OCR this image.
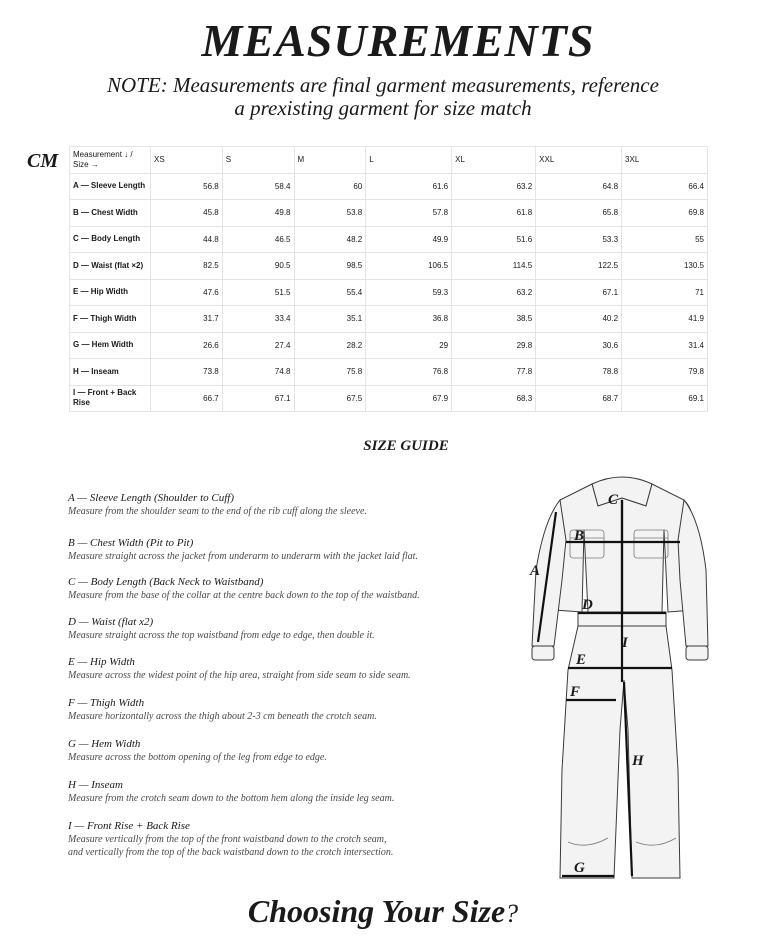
MEASUREMENTS
NOTE: Measurements are final garment measurements, reference
a prexisting garment for size match
CM Measurement ↓ /
Size →	XS	S	M	L	XL	XXL	3XL
A — Sleeve Length	56.8	58.4	60	61.6	63.2	64.8	66.4
B — Chest Width	45.8	49.8	53.8	57.8	61.8	65.8	69.8
C — Body Length	44.8	46.5	48.2	49.9	51.6	53.3	55
D — Waist (flat ×2)	82.5	90.5	98.5	106.5	114.5	122.5	130.5
E — Hip Width	47.6	51.5	55.4	59.3	63.2	67.1	71
F — Thigh Width	31.7	33.4	35.1	36.8	38.5	40.2	41.9
G — Hem Width	26.6	27.4	28.2	29	29.8	30.6	31.4
H — Inseam	73.8	74.8	75.8	76.8	77.8	78.8	79.8
I — Front + Back Rise	66.7	67.1	67.5	67.9	68.3	68.7	69.1
SIZE GUIDE
A — Sleeve Length (Shoulder to Cuff)
Measure from the shoulder seam to the end of the rib cuff along the sleeve.
B — Chest Width (Pit to Pit)
Measure straight across the jacket from underarm to underarm with the jacket laid flat.
C — Body Length (Back Neck to Waistband)
Measure from the base of the collar at the centre back down to the top of the waistband.
D — Waist (flat x2)
Measure straight across the top waistband from edge to edge, then double it.
E — Hip Width
Measure across the widest point of the hip area, straight from side seam to side seam.
F — Thigh Width
Measure horizontally across the thigh about 2-3 cm beneath the crotch seam.
G — Hem Width
Measure across the bottom opening of the leg from edge to edge.
H — Inseam
Measure from the crotch seam down to the bottom hem along the inside leg seam.
I — Front Rise + Back Rise
Measure vertically from the top of the front waistband down to the crotch seam,
and vertically from the top of the back waistband down to the crotch intersection.
A
B
C
D
E
F
G
H
I
Choosing Your Size?
